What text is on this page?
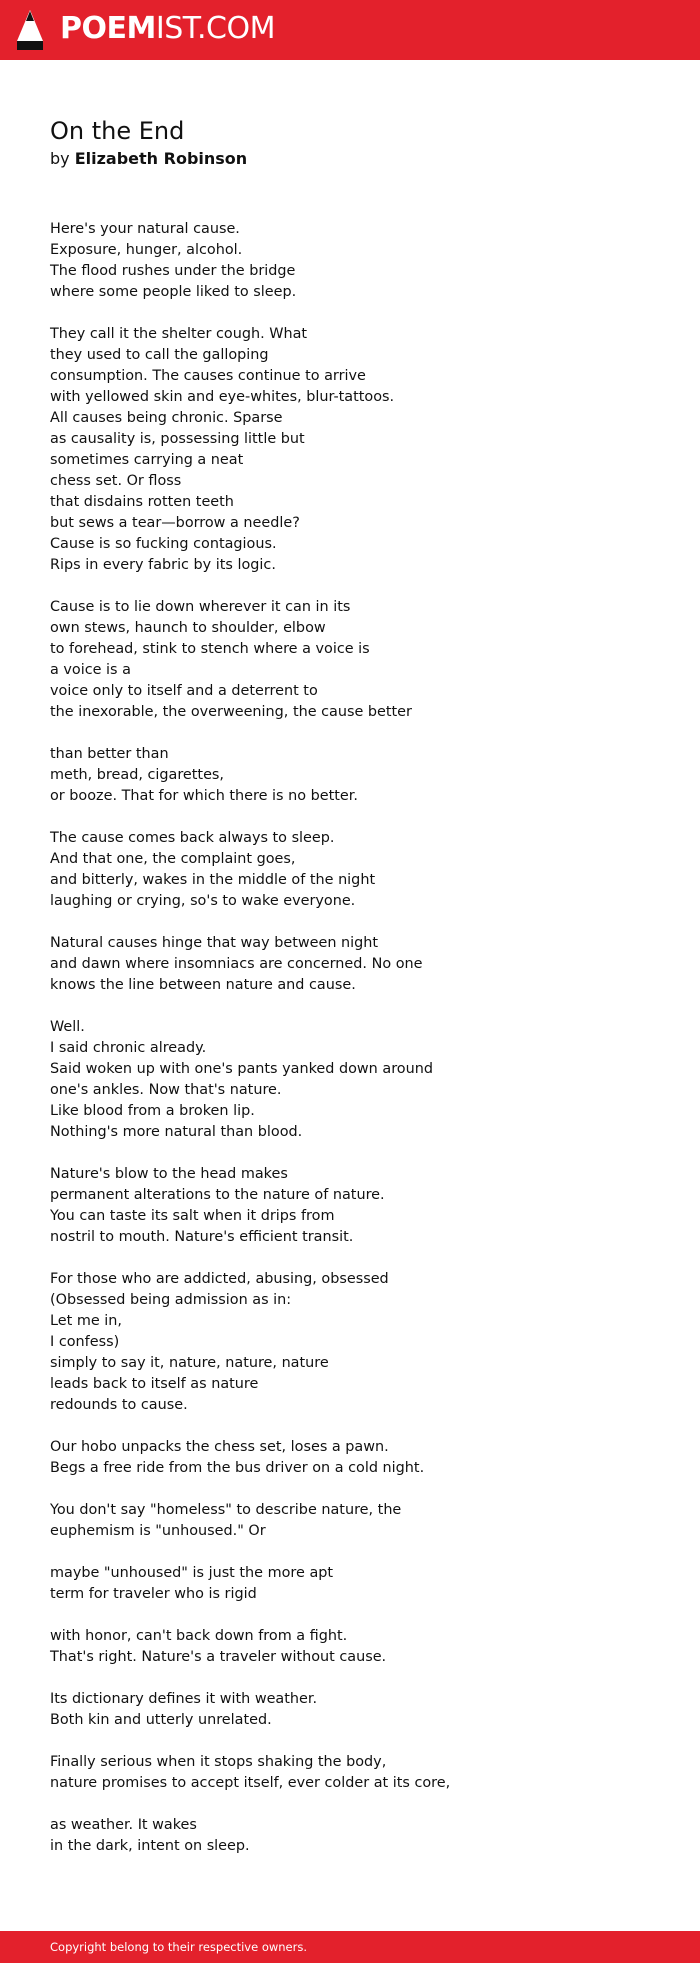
POEMIST.COM
On the End
by Elizabeth Robinson
Here's your natural cause.
Exposure, hunger, alcohol.
The flood rushes under the bridge
where some people liked to sleep.
They call it the shelter cough. What
they used to call the galloping
consumption. The causes continue to arrive
with yellowed skin and eye-whites, blur-tattoos.
All causes being chronic. Sparse
as causality is, possessing little but
sometimes carrying a neat
chess set. Or floss
that disdains rotten teeth
but sews a tear—borrow a needle?
Cause is so fucking contagious.
Rips in every fabric by its logic.
Cause is to lie down wherever it can in its
own stews, haunch to shoulder, elbow
to forehead, stink to stench where a voice is
a voice is a
voice only to itself and a deterrent to
the inexorable, the overweening, the cause better
than better than
meth, bread, cigarettes,
or booze. That for which there is no better.
The cause comes back always to sleep.
And that one, the complaint goes,
and bitterly, wakes in the middle of the night
laughing or crying, so's to wake everyone.
Natural causes hinge that way between night
and dawn where insomniacs are concerned. No one
knows the line between nature and cause.
Well.
I said chronic already.
Said woken up with one's pants yanked down around
one's ankles. Now that's nature.
Like blood from a broken lip.
Nothing's more natural than blood.
Nature's blow to the head makes
permanent alterations to the nature of nature.
You can taste its salt when it drips from
nostril to mouth. Nature's efficient transit.
For those who are addicted, abusing, obsessed
(Obsessed being admission as in:
Let me in,
I confess)
simply to say it, nature, nature, nature
leads back to itself as nature
redounds to cause.
Our hobo unpacks the chess set, loses a pawn.
Begs a free ride from the bus driver on a cold night.
You don't say "homeless" to describe nature, the
euphemism is "unhoused." Or
maybe "unhoused" is just the more apt
term for traveler who is rigid
with honor, can't back down from a fight.
That's right. Nature's a traveler without cause.
Its dictionary defines it with weather.
Both kin and utterly unrelated.
Finally serious when it stops shaking the body,
nature promises to accept itself, ever colder at its core,
as weather. It wakes
in the dark, intent on sleep.
Copyright belong to their respective owners.
